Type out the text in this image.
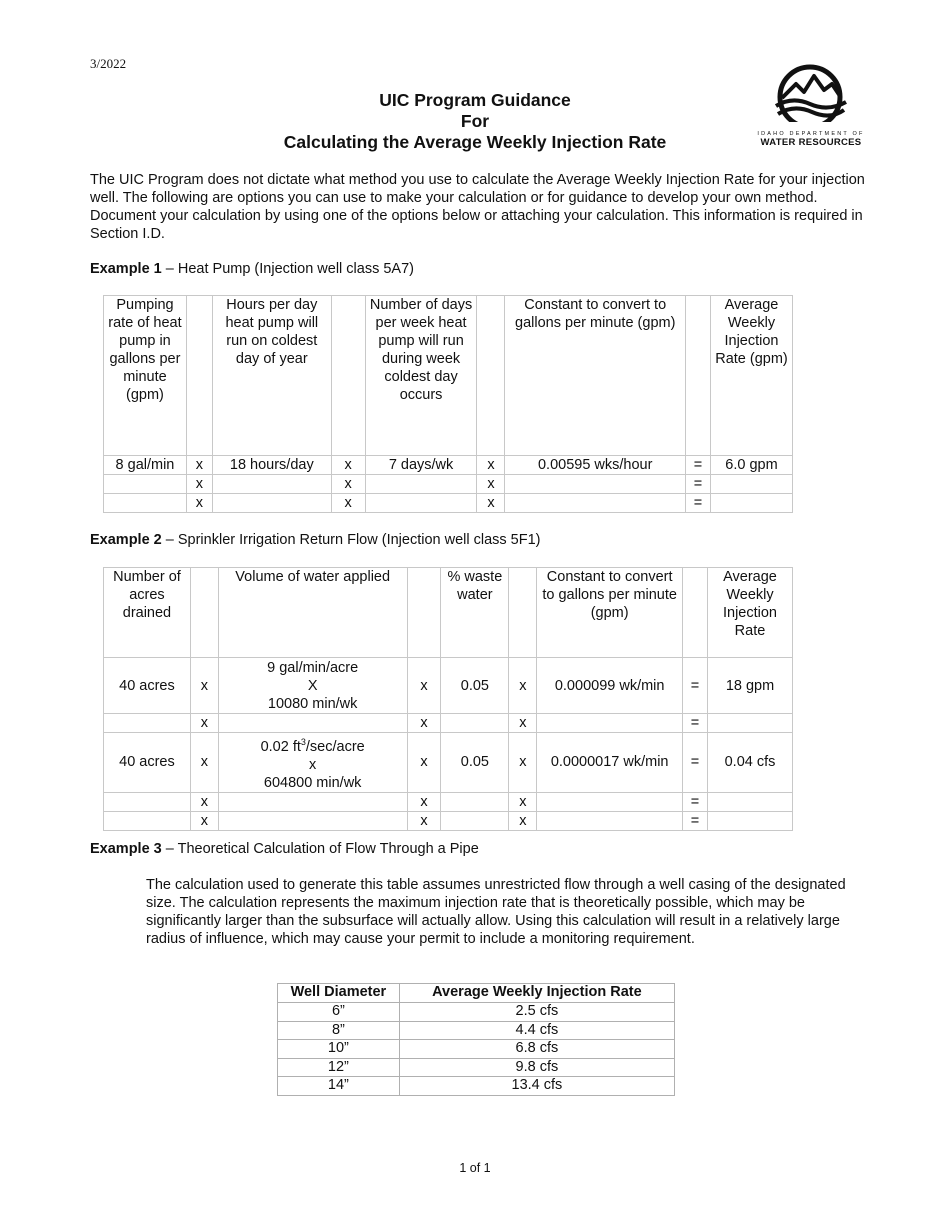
3/2022
UIC Program Guidance
For
Calculating the Average Weekly Injection Rate	IDAHO DEPARTMENT OF
WATER RESOURCES
The UIC Program does not dictate what method you use to calculate the Average Weekly Injection Rate for your injection well. The following are options you can use to make your calculation or for guidance to develop your own method. Document your calculation by using one of the options below or attaching your calculation. This information is required in Section I.D.
Example 1 – Heat Pump (Injection well class 5A7)
Pumping rate of heat pump in gallons per minute (gpm)		Hours per day heat pump will run on coldest day of year		Number of days per week heat pump will run during week coldest day occurs		Constant to convert to gallons per minute (gpm)		Average Weekly Injection Rate (gpm)
8 gal/min	x	18 hours/day	x	7 days/wk	x	0.00595 wks/hour	=	6.0 gpm
	x		x		x		=	
	x		x		x		=	
Example 2 – Sprinkler Irrigation Return Flow (Injection well class 5F1)
Number of acres drained		Volume of water applied		% waste water		Constant to convert to gallons per minute (gpm)		Average Weekly Injection Rate
40 acres	x	9 gal/min/acre
X
10080 min/wk	x	0.05	x	0.000099 wk/min	=	18 gpm
	x		x		x		=	
40 acres	x	0.02 $ft^3/\sec$/acre
x
604800 min/wk	x	0.05	x	0.0000017 wk/min	=	0.04 cfs
	x		x		x		=	
	x		x		x		=	
Example 3 – Theoretical Calculation of Flow Through a Pipe
The calculation used to generate this table assumes unrestricted flow through a well casing of the designated size. The calculation represents the maximum injection rate that is theoretically possible, which may be significantly larger than the subsurface will actually allow. Using this calculation will result in a relatively large radius of influence, which may cause your permit to include a monitoring requirement.
Well Diameter	Average Weekly Injection Rate
6”	2.5 cfs
8”	4.4 cfs
10”	6.8 cfs
12”	9.8 cfs
14”	13.4 cfs
1 of 1
